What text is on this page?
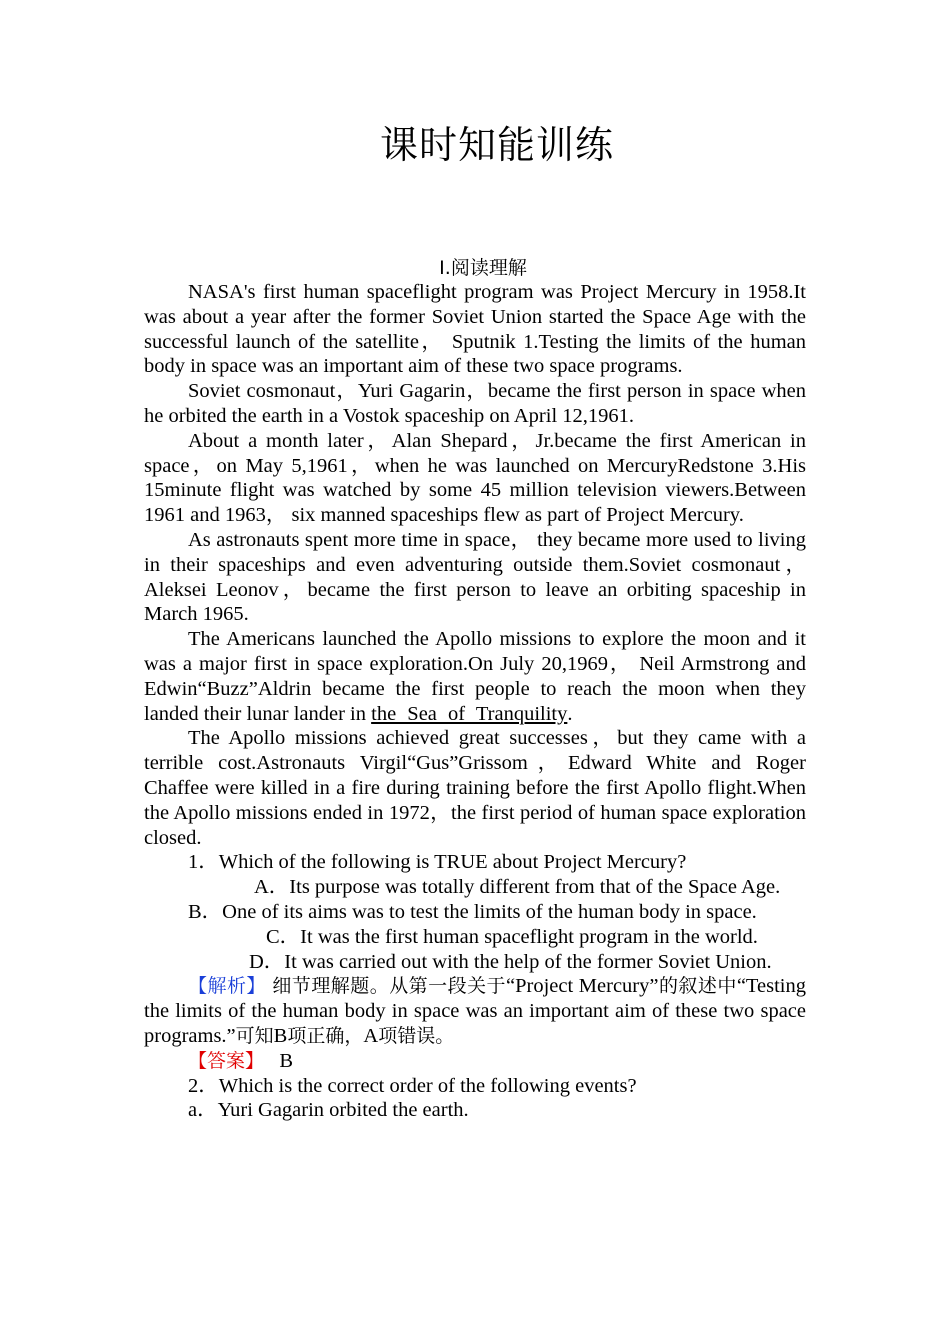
课时知能训练
Ⅰ.阅读理解

NASA's first human spaceflight program was Project Mercury in 1958.It was about a year after the former Soviet Union started the Space Age with the successful launch of the satellite， Sputnik 1.Testing the limits of the human body in space was an important aim of these two space programs.

Soviet cosmonaut，Yuri Gagarin，became the first person in space when he orbited the earth in a Vostok spaceship on April 12,1961.

About a month later，Alan Shepard，Jr.became the first American in space，on May 5,1961，when he was launched on MercuryRedstone 3.His 15minute flight was watched by some 45 million television viewers.Between 1961 and 1963， six manned spaceships flew as part of Project Mercury.

As astronauts spent more time in space， they became more used to living in their spaceships and even adventuring outside them.Soviet cosmonaut，Aleksei Leonov，became the first person to leave an orbiting spaceship in March 1965.

The Americans launched the Apollo missions to explore the moon and it was a major first in space exploration.On July 20,1969， Neil Armstrong and Edwin“Buzz”Aldrin became the first people to reach the moon when they landed their lunar lander in the Sea of Tranquility.

The Apollo missions achieved great successes，but they came with a terrible cost.Astronauts Virgil“Gus”Grissom，Edward White and Roger Chaffee were killed in a fire during training before the first Apollo flight.When the Apollo missions ended in 1972，the first period of human space exploration closed.

1．Which of the following is TRUE about Project Mercury?

A．Its purpose was totally different from that of the Space Age.

B．One of its aims was to test the limits of the human body in space.

C．It was the first human spaceflight program in the world.

D．It was carried out with the help of the former Soviet Union.

【解析】 细节理解题。从第一段关于“Project Mercury”的叙述中“Testing the limits of the human body in space was an important aim of these two space programs.”可知B项正确，A项错误。

【答案】 B

2．Which is the correct order of the following events?

a．Yuri Gagarin orbited the earth.
